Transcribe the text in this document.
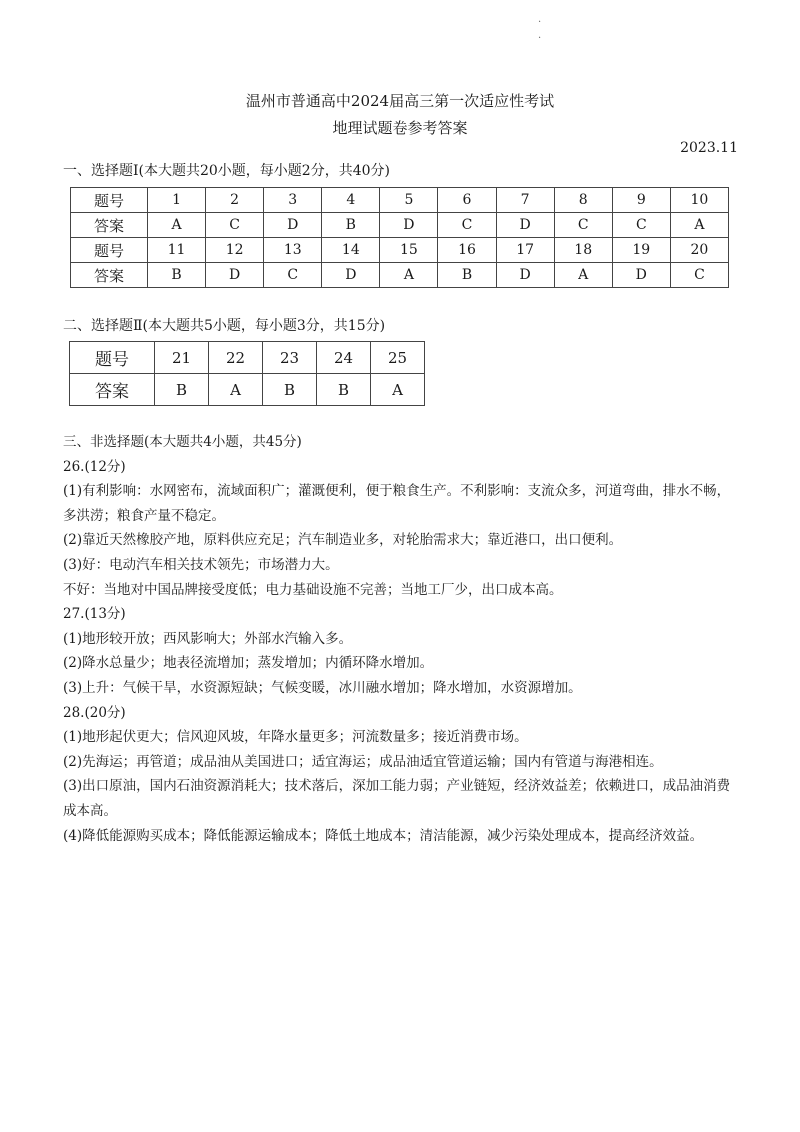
.
.
温州市普通高中2024届高三第一次适应性考试
地理试题卷参考答案
2023.11
一、选择题Ⅰ(本大题共20小题，每小题2分，共40分)
题号	1	2	3	4	5	6	7	8	9	10
答案	A	C	D	B	D	C	D	C	C	A
题号	11	12	13	14	15	16	17	18	19	20
答案	B	D	C	D	A	B	D	A	D	C
二、选择题Ⅱ(本大题共5小题，每小题3分，共15分)
题号	21	22	23	24	25
答案	B	A	B	B	A

三、非选择题(本大题共4小题，共45分)

26.(12分)

(1)有利影响：水网密布，流域面积广；灌溉便利，便于粮食生产。不利影响：支流众多，河道弯曲，排水不畅，多洪涝；粮食产量不稳定。

(2)靠近天然橡胶产地，原料供应充足；汽车制造业多，对轮胎需求大；靠近港口，出口便利。

(3)好：电动汽车相关技术领先；市场潜力大。

不好：当地对中国品牌接受度低；电力基础设施不完善；当地工厂少，出口成本高。

27.(13分)

(1)地形较开放；西风影响大；外部水汽输入多。

(2)降水总量少；地表径流增加；蒸发增加；内循环降水增加。

(3)上升：气候干旱，水资源短缺；气候变暖，冰川融水增加；降水增加，水资源增加。

28.(20分)

(1)地形起伏更大；信风迎风坡，年降水量更多；河流数量多；接近消费市场。

(2)先海运；再管道；成品油从美国进口；适宜海运；成品油适宜管道运输；国内有管道与海港相连。

(3)出口原油，国内石油资源消耗大；技术落后，深加工能力弱；产业链短，经济效益差；依赖进口，成品油消费成本高。

(4)降低能源购买成本；降低能源运输成本；降低土地成本；清洁能源，减少污染处理成本，提高经济效益。
